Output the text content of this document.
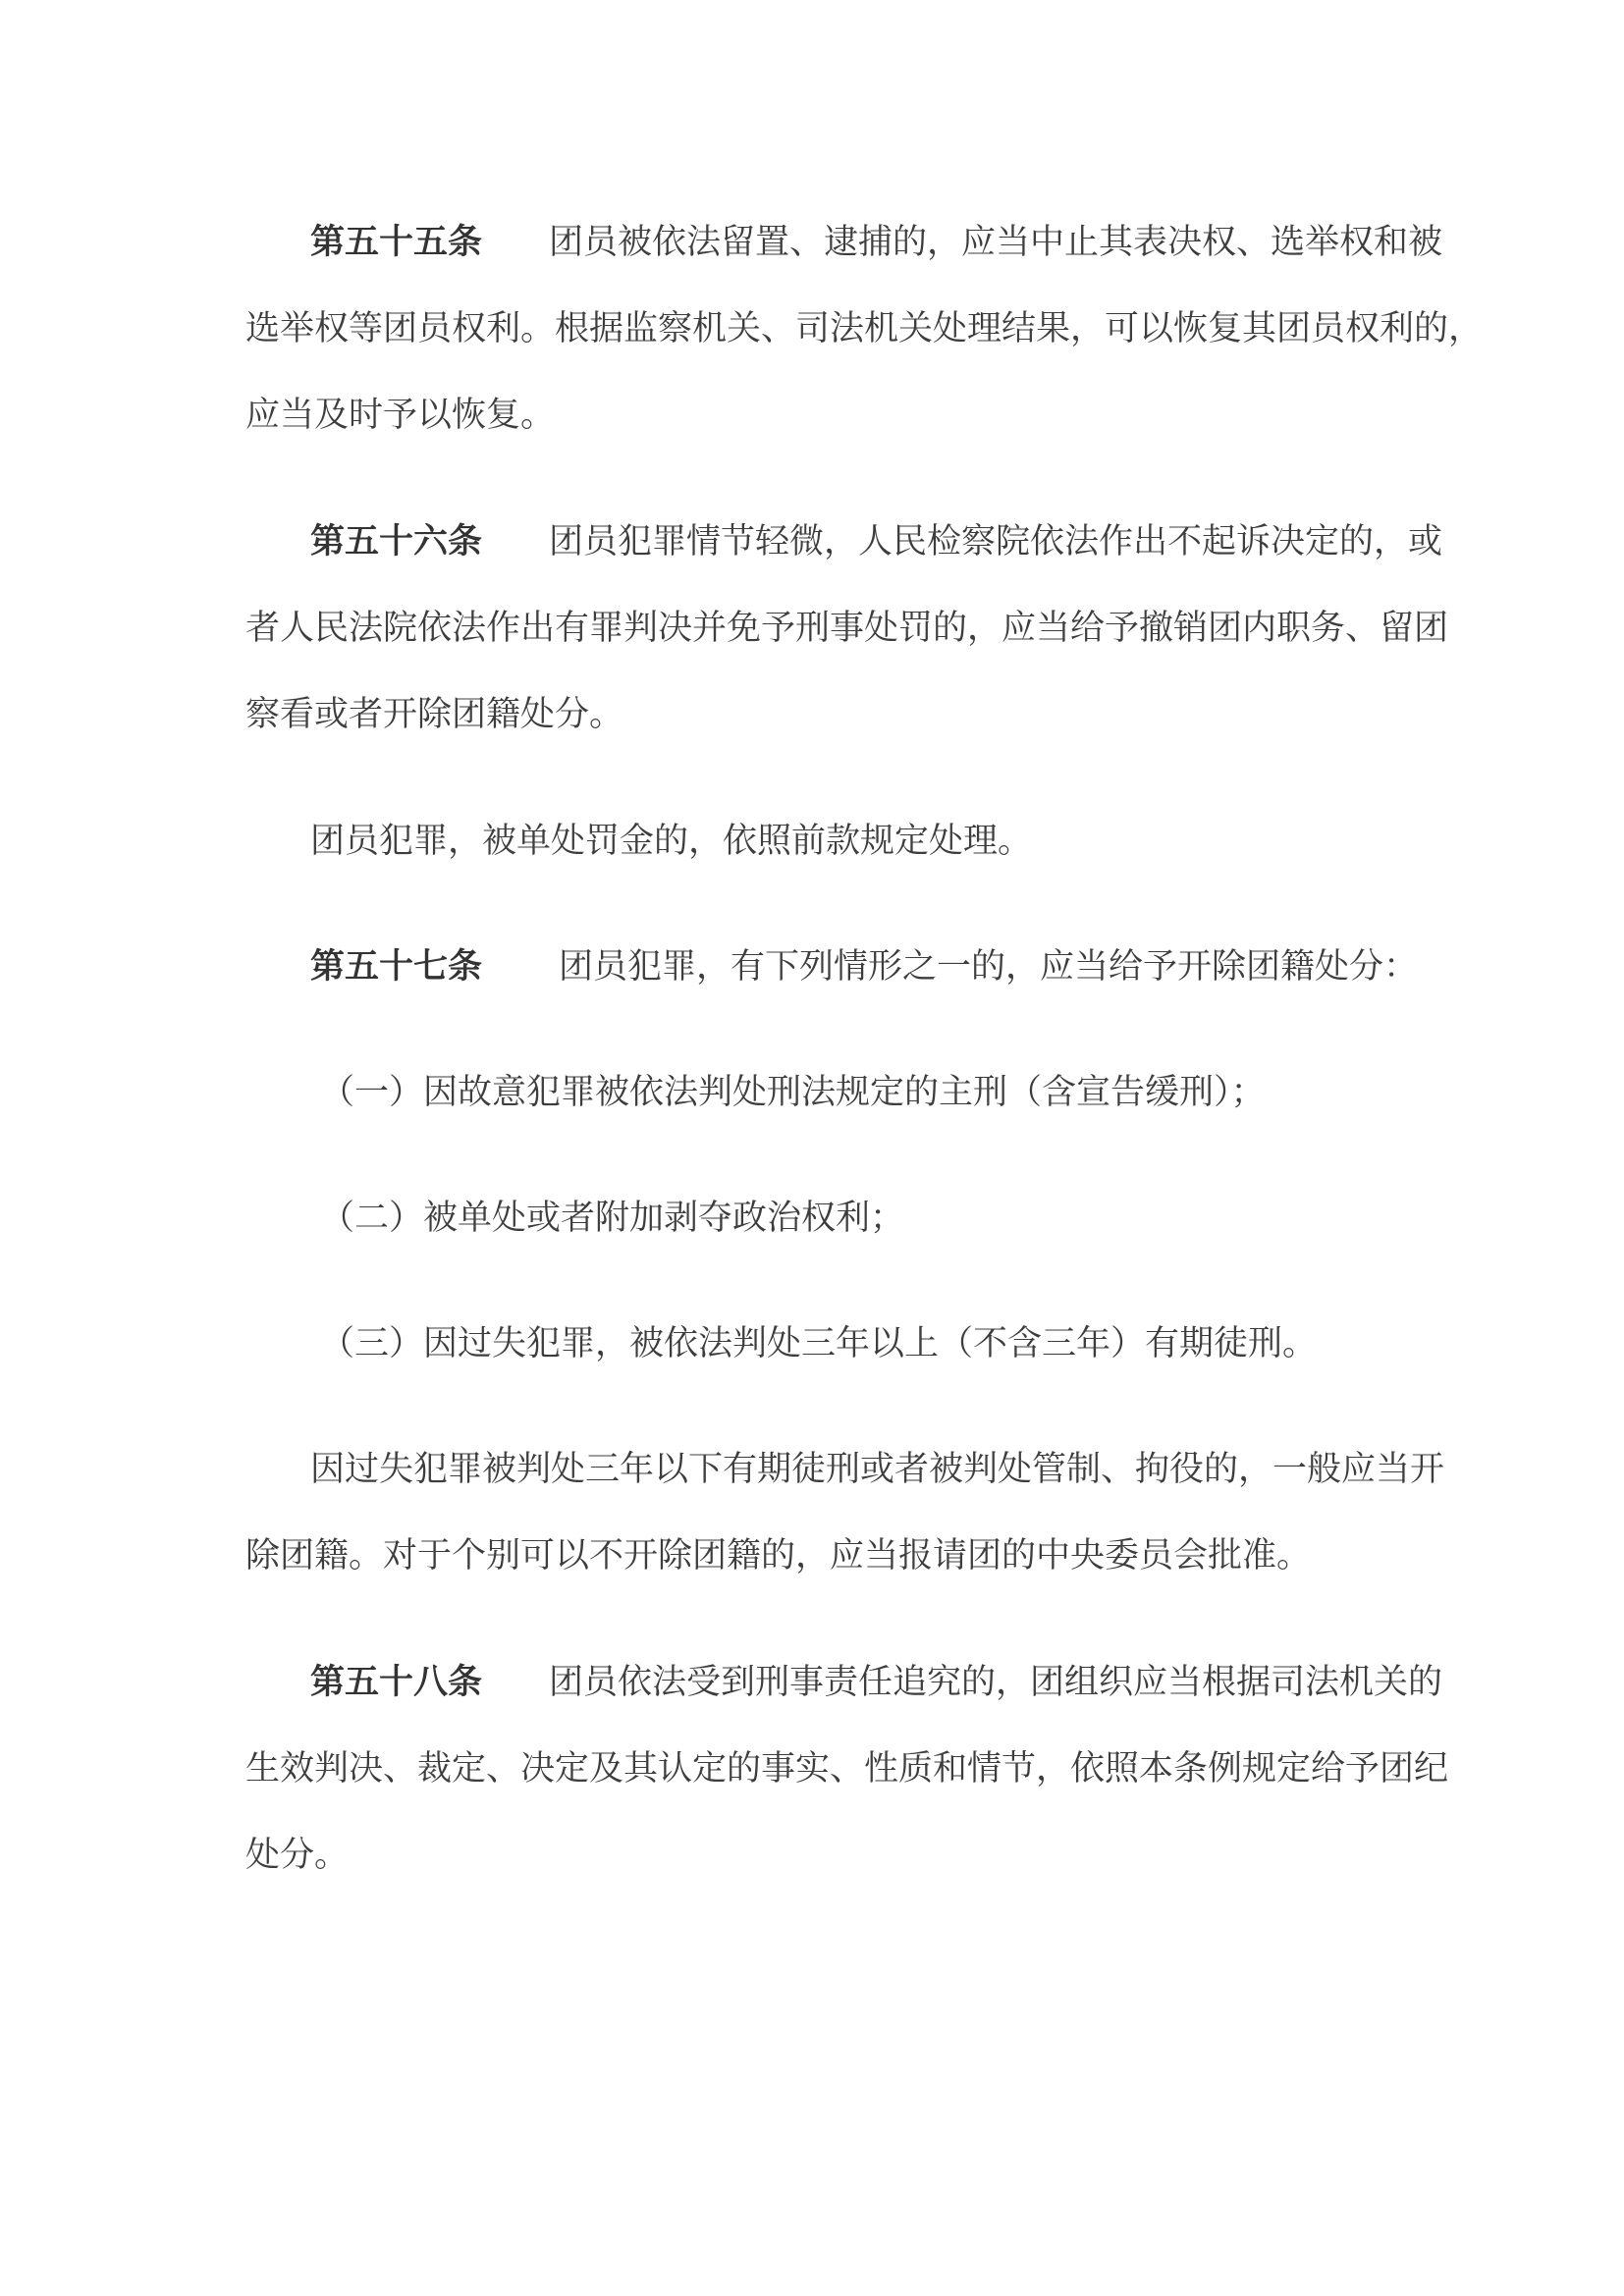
第五十五条 团员被依法留置、逮捕的，应当中止其表决权、选举权和被
选举权等团员权利。根据监察机关、司法机关处理结果，可以恢复其团员权利的，
应当及时予以恢复。
第五十六条 团员犯罪情节轻微，人民检察院依法作出不起诉决定的，或
者人民法院依法作出有罪判决并免予刑事处罚的，应当给予撤销团内职务、留团
察看或者开除团籍处分。
团员犯罪，被单处罚金的，依照前款规定处理。
第五十七条 团员犯罪，有下列情形之一的，应当给予开除团籍处分：
（一）因故意犯罪被依法判处刑法规定的主刑（含宣告缓刑）；
（二）被单处或者附加剥夺政治权利；
（三）因过失犯罪，被依法判处三年以上（不含三年）有期徒刑。
因过失犯罪被判处三年以下有期徒刑或者被判处管制、拘役的，一般应当开
除团籍。对于个别可以不开除团籍的，应当报请团的中央委员会批准。
第五十八条 团员依法受到刑事责任追究的，团组织应当根据司法机关的
生效判决、裁定、决定及其认定的事实、性质和情节，依照本条例规定给予团纪
处分。
